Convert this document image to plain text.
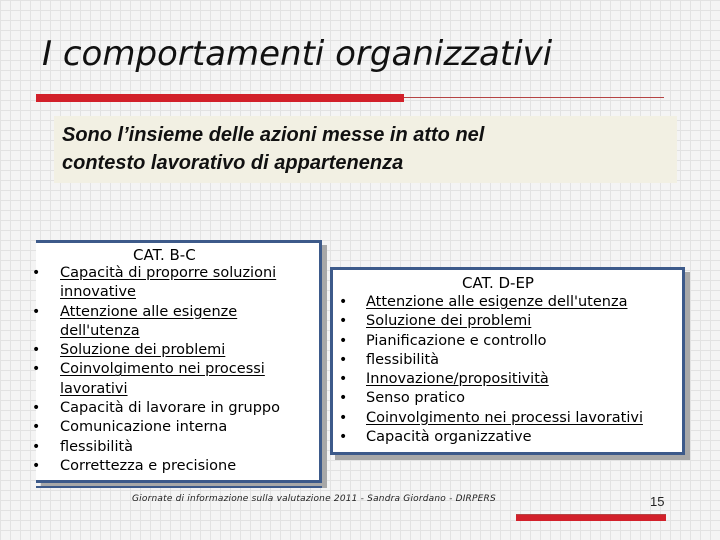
I comportamenti organizzativi
Sono l’insieme delle azioni messe in atto nel
contesto lavorativo di appartenenza
CAT. B-C
• Capacità di proporre soluzioni innovative
• Attenzione alle esigenze dell'utenza
• Soluzione dei problemi
• Coinvolgimento nei processi lavorativi
• Capacità di lavorare in gruppo
• Comunicazione interna
• flessibilità
• Correttezza e precisione
CAT. D-EP
• Attenzione alle esigenze dell'utenza
• Soluzione dei problemi
• Pianificazione e controllo
• flessibilità
• Innovazione/propositività
• Senso pratico
• Coinvolgimento nei processi lavorativi
• Capacità organizzative
Giornate di informazione sulla valutazione 2011 - Sandra Giordano - DIRPERS	15
